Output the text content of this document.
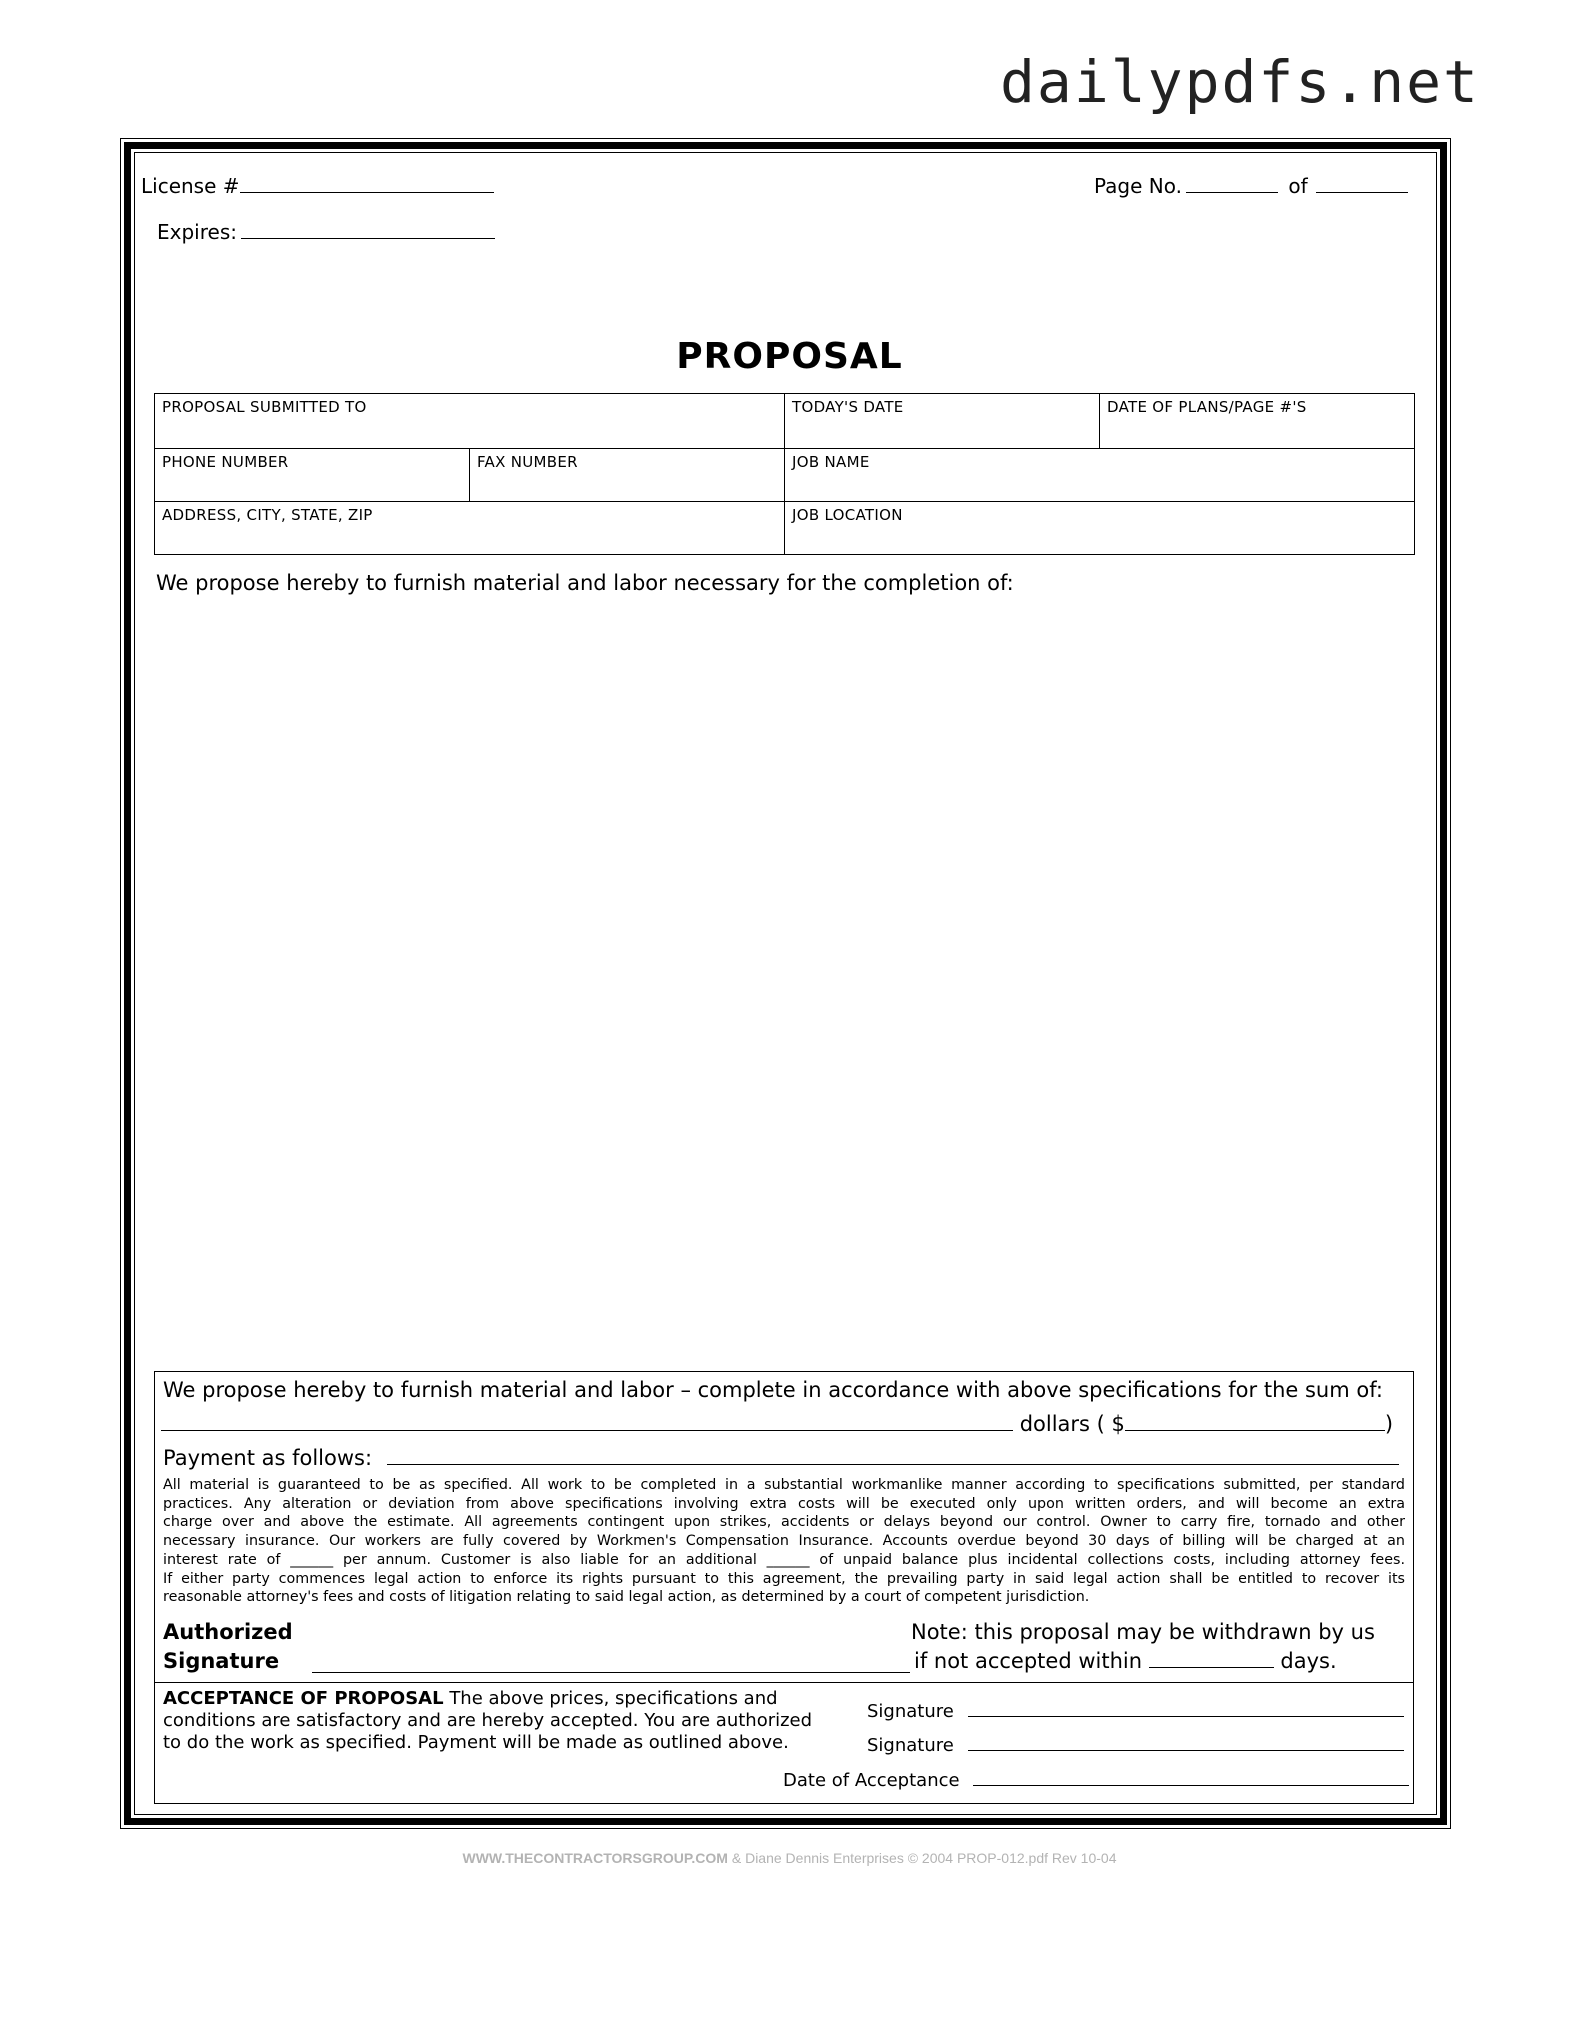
dailypdfs.net
License #
Expires:
Page No.	of
PROPOSAL
PROPOSAL SUBMITTED TO		TODAY'S DATE	DATE OF PLANS/PAGE #'S
PHONE NUMBER	FAX NUMBER	JOB NAME	
ADDRESS, CITY, STATE, ZIP		JOB LOCATION	
We propose hereby to furnish material and labor necessary for the completion of:
We propose hereby to furnish material and labor – complete in accordance with above specifications for the sum of:
dollars ( $	)
Payment as follows:

All material is guaranteed to be as specified. All work to be completed in a substantial workmanlike manner according to specifications submitted, per standard

practices. Any alteration or deviation from above specifications involving extra costs will be executed only upon written orders, and will become an extra

charge over and above the estimate. All agreements contingent upon strikes, accidents or delays beyond our control. Owner to carry fire, tornado and other

necessary insurance. Our workers are fully covered by Workmen's Compensation Insurance. Accounts overdue beyond 30 days of billing will be charged at an

interest rate of ______ per annum. Customer is also liable for an additional ______ of unpaid balance plus incidental collections costs, including attorney fees.

If either party commences legal action to enforce its rights pursuant to this agreement, the prevailing party in said legal action shall be entitled to recover its

reasonable attorney's fees and costs of litigation relating to said legal action, as determined by a court of competent jurisdiction.

Authorized
Signature
Note: this proposal may be withdrawn by us
if not accepted within	days.
ACCEPTANCE OF PROPOSAL The above prices, specifications and
conditions are satisfactory and are hereby accepted. You are authorized
to do the work as specified. Payment will be made as outlined above.
Signature
Signature
Date of Acceptance
WWW.THECONTRACTORSGROUP.COM & Diane Dennis Enterprises © 2004 PROP-012.pdf Rev 10-04
